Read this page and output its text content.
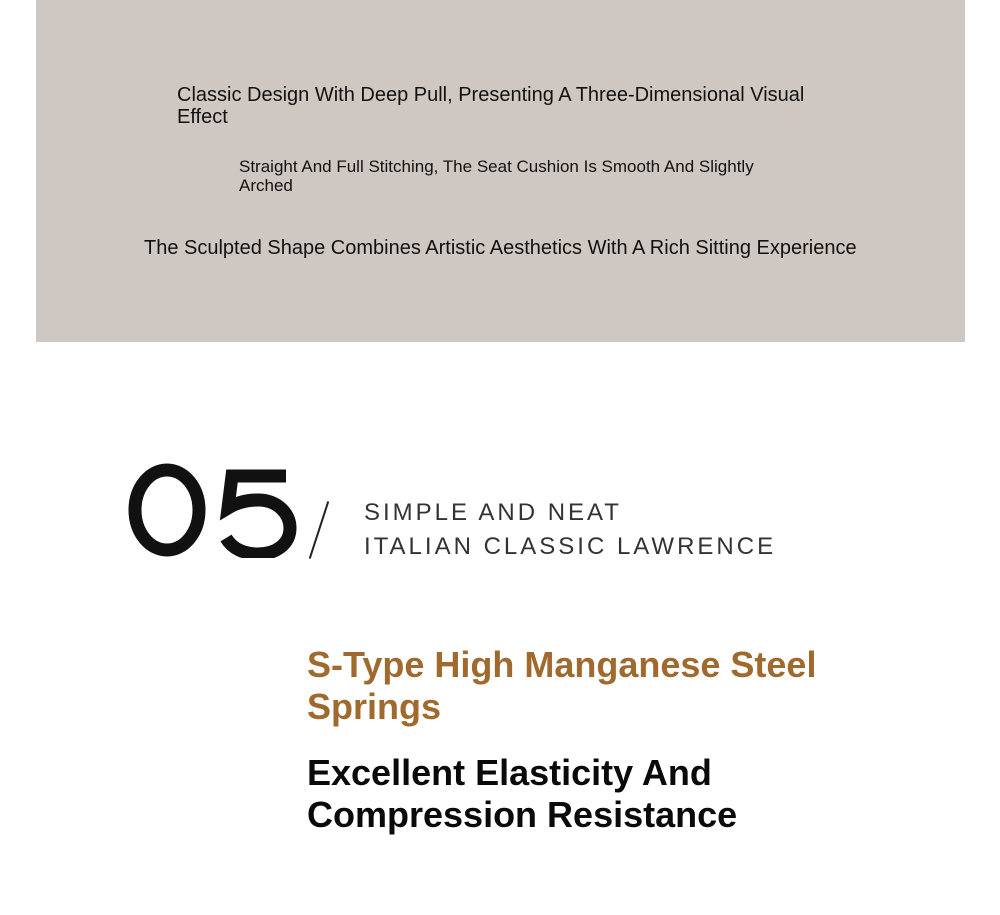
Classic Design With Deep Pull, Presenting A Three-Dimensional Visual Effect

Straight And Full Stitching, The Seat Cushion Is Smooth And Slightly Arched

The Sculpted Shape Combines Artistic Aesthetics With A Rich Sitting Experience

SIMPLE AND NEAT
ITALIAN CLASSIC LAWRENCE
S-Type High Manganese Steel Springs
Excellent Elasticity And Compression Resistance
